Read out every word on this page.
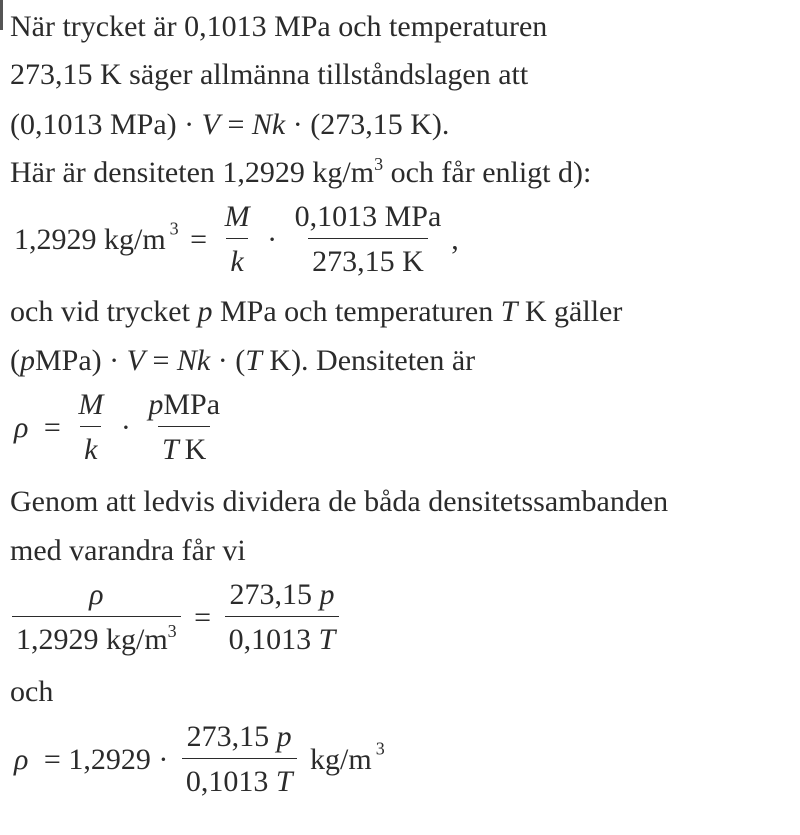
När trycket är 0,1013 MPa och temperaturen
273,15 K säger allmänna tillståndslagen att
(0,1013 MPa) · V = Nk · (273,15 K).
Här är densiteten 1,2929 $kg/m^3$ och får enligt d):
1,2929 kg/m $^3 = \frac{M}{k} \cdot \frac{\text{0,1013 MPa}}{273,15 K}$ ,
och vid trycket p MPa och temperaturen T K gäller
(pMPa) · V = Nk · (T K). Densiteten är
$\rho = \frac{M}{k} \cdot \frac{\text{pMPa}}{\text{T K}}$
Genom att ledvis dividera de båda densitetssambanden
med varandra får vi
$\frac{\rho}{1,2929 kg/m^3} = \frac{273,15 p}{0,1013 T}$
och
$\rho = 1,2929 \cdot \frac{273,15 p}{0,1013 T} kg/m$ $^3$
